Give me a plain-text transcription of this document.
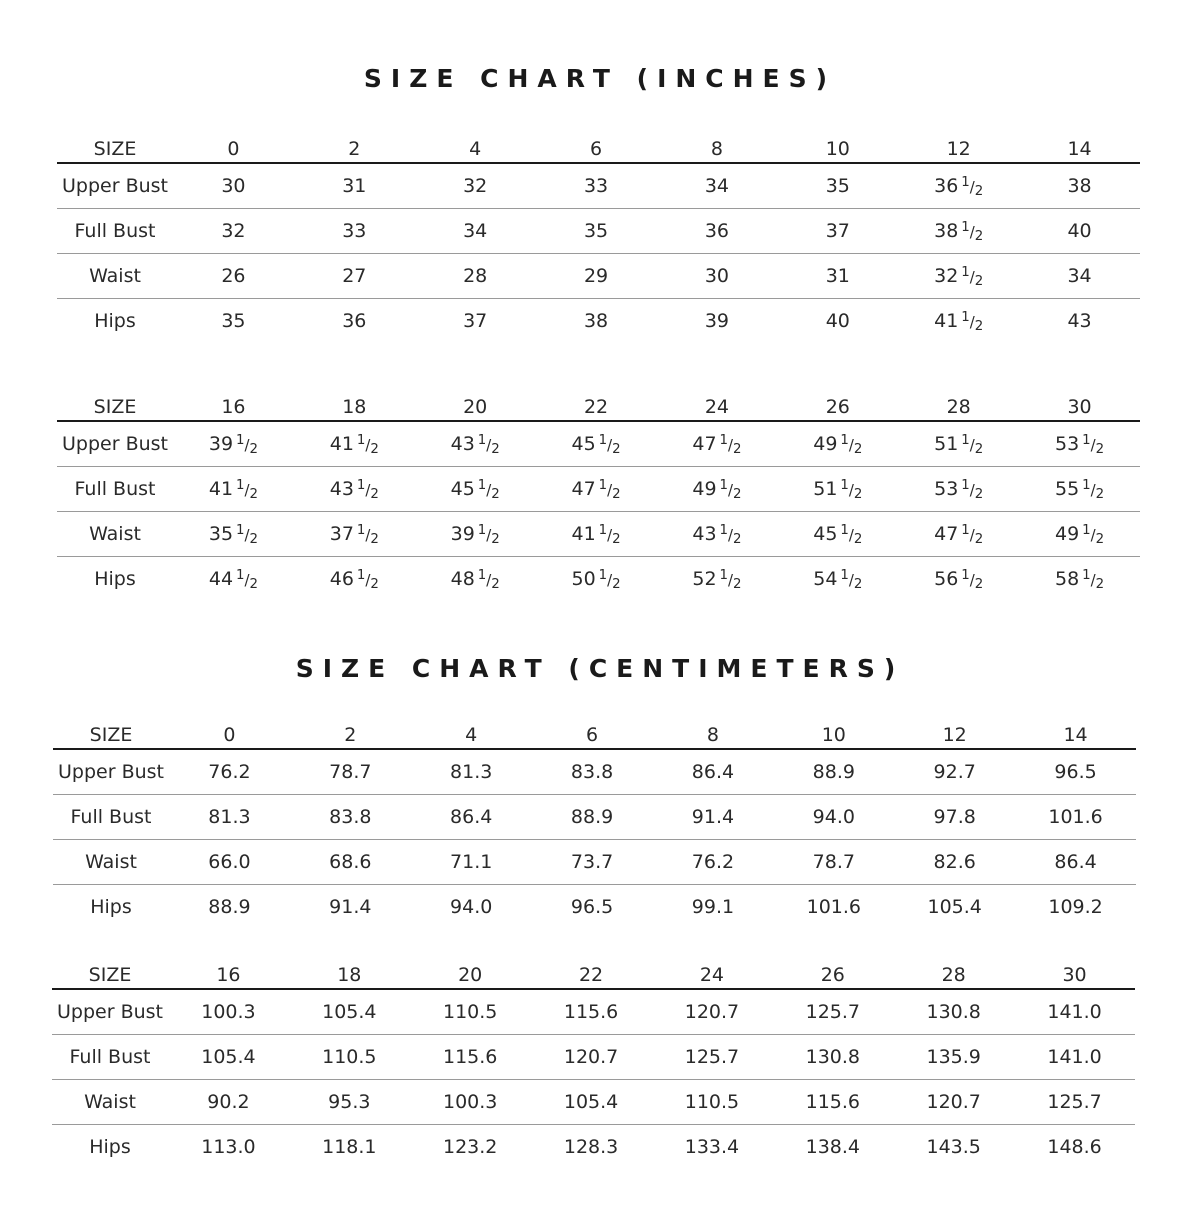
SIZE CHART (INCHES)
SIZE	0	2	4	6	8	10	12	14
Upper Bust	30	31	32	33	34	35	36  1/2	38
Full Bust	32	33	34	35	36	37	38  1/2	40
Waist	26	27	28	29	30	31	32  1/2	34
Hips	35	36	37	38	39	40	41  1/2	43
SIZE	16	18	20	22	24	26	28	30
Upper Bust	39  1/2	41  1/2	43  1/2	45  1/2	47  1/2	49  1/2	51  1/2	53  1/2
Full Bust	41  1/2	43  1/2	45  1/2	47  1/2	49  1/2	51  1/2	53  1/2	55  1/2
Waist	35  1/2	37  1/2	39  1/2	41  1/2	43  1/2	45  1/2	47  1/2	49  1/2
Hips	44  1/2	46  1/2	48  1/2	50  1/2	52  1/2	54  1/2	56  1/2	58  1/2
SIZE CHART (CENTIMETERS)
SIZE	0	2	4	6	8	10	12	14
Upper Bust	76.2	78.7	81.3	83.8	86.4	88.9	92.7	96.5
Full Bust	81.3	83.8	86.4	88.9	91.4	94.0	97.8	101.6
Waist	66.0	68.6	71.1	73.7	76.2	78.7	82.6	86.4
Hips	88.9	91.4	94.0	96.5	99.1	101.6	105.4	109.2
SIZE	16	18	20	22	24	26	28	30
Upper Bust	100.3	105.4	110.5	115.6	120.7	125.7	130.8	141.0
Full Bust	105.4	110.5	115.6	120.7	125.7	130.8	135.9	141.0
Waist	90.2	95.3	100.3	105.4	110.5	115.6	120.7	125.7
Hips	113.0	118.1	123.2	128.3	133.4	138.4	143.5	148.6
